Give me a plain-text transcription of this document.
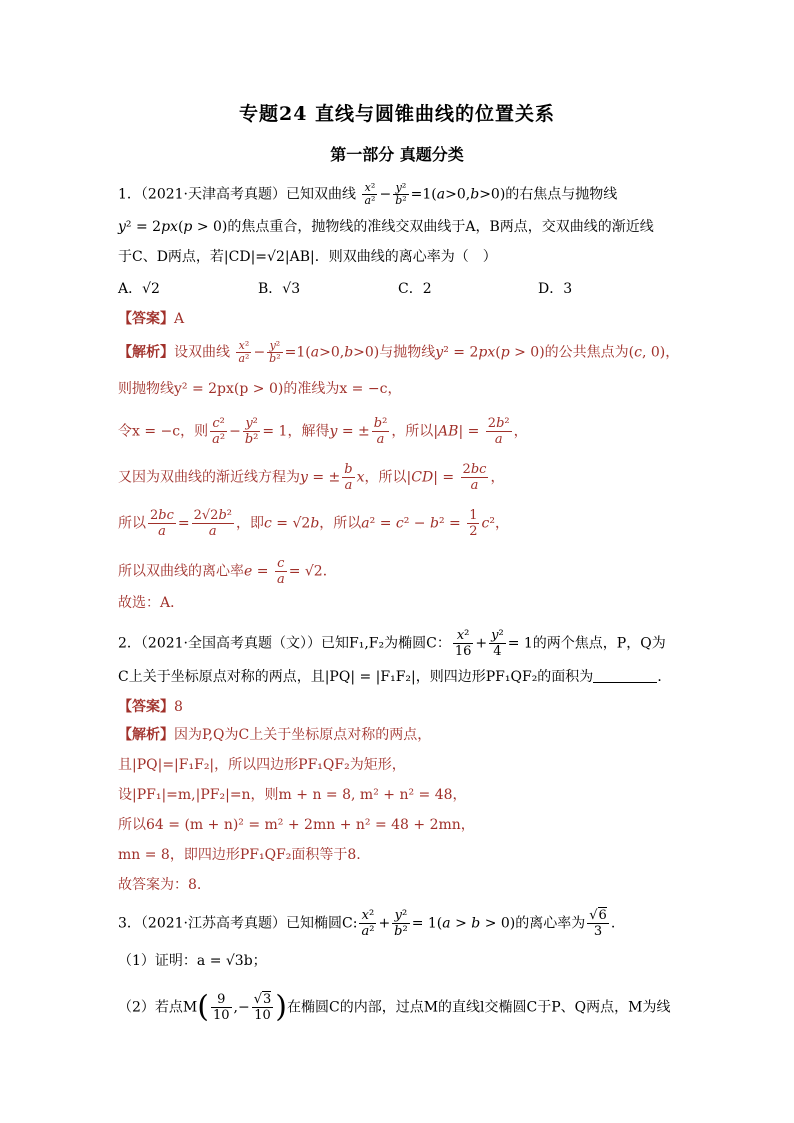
专题24 直线与圆锥曲线的位置关系
第一部分 真题分类
1．（2021·天津高考真题）已知双曲线 $\frac{\text{x²}}{\text{a²}} - \frac{\text{y²}}{\text{b²}} =1(a>0,b>0)$的右焦点与抛物线
y² = 2px(p > 0)的焦点重合，抛物线的准线交双曲线于A，B两点，交双曲线的渐近线
于C、D两点，若|CD|=√2|AB|．则双曲线的离心率为（　）
A．√2	B．√3	C．2	D．3
【答案】A
【解析】设双曲线 $\frac{\text{x²}}{\text{a²}} - \frac{\text{y²}}{\text{b²}} =1(a>0,b>0)$与抛物线y² = 2px(p > 0)的公共焦点为(c, 0)，
则抛物线y² = 2px(p > 0)的准线为x = −c，
令x = −c，则 $\frac{\text{c²}}{\text{a²}} - \frac{\text{y²}}{\text{b²}} = 1$，解得y = ± $\frac{\text{b²}}{a}$ ，所以$|AB| = \frac{\text{2b²}}{a}$ ，
又因为双曲线的渐近线方程为y = ± $\frac{b}{a}$ x，所以$|CD| = \frac{2bc}{a}$ ，
所以 $\frac{2bc}{a} = \frac{\text{2√2b²}}{a}$ ，即c = √2b，所以$a^2 = c^2 - b^2 = \frac{1}{2} c^2$，
所以双曲线的离心率$e = \frac{c}{a} = √2$．
故选：A．
2．（2021·全国高考真题（文））已知F₁,F₂为椭圆C： $\frac{\text{x²}}{16} + \frac{\text{y²}}{4} = 1$的两个焦点，P，Q为
C上关于坐标原点对称的两点，且|PQ| = |F₁F₂|，则四边形PF₁QF₂的面积为	．
【答案】8
【解析】因为P,Q为C上关于坐标原点对称的两点，
且|PQ|=|F₁F₂|，所以四边形PF₁QF₂为矩形，
设|PF₁|=m,|PF₂|=n，则m + n = 8, m² + n² = 48，
所以64 = (m + n)² = m² + 2mn + n² = 48 + 2mn，
mn = 8，即四边形PF₁QF₂面积等于8.
故答案为：8.
3．（2021·江苏高考真题）已知椭圆C: $\frac{\text{x²}}{\text{a²}} + \frac{\text{y²}}{\text{b²}} = 1(a > b > 0)$的离心率为 $\frac{√6}{3}$ .
（1）证明：a = √3b；
（2）若点$M( \frac{9}{10}$ ,− $\frac{√3}{10}$ )在椭圆C的内部，过点M的直线l交椭圆C于P、Q两点，M为线
